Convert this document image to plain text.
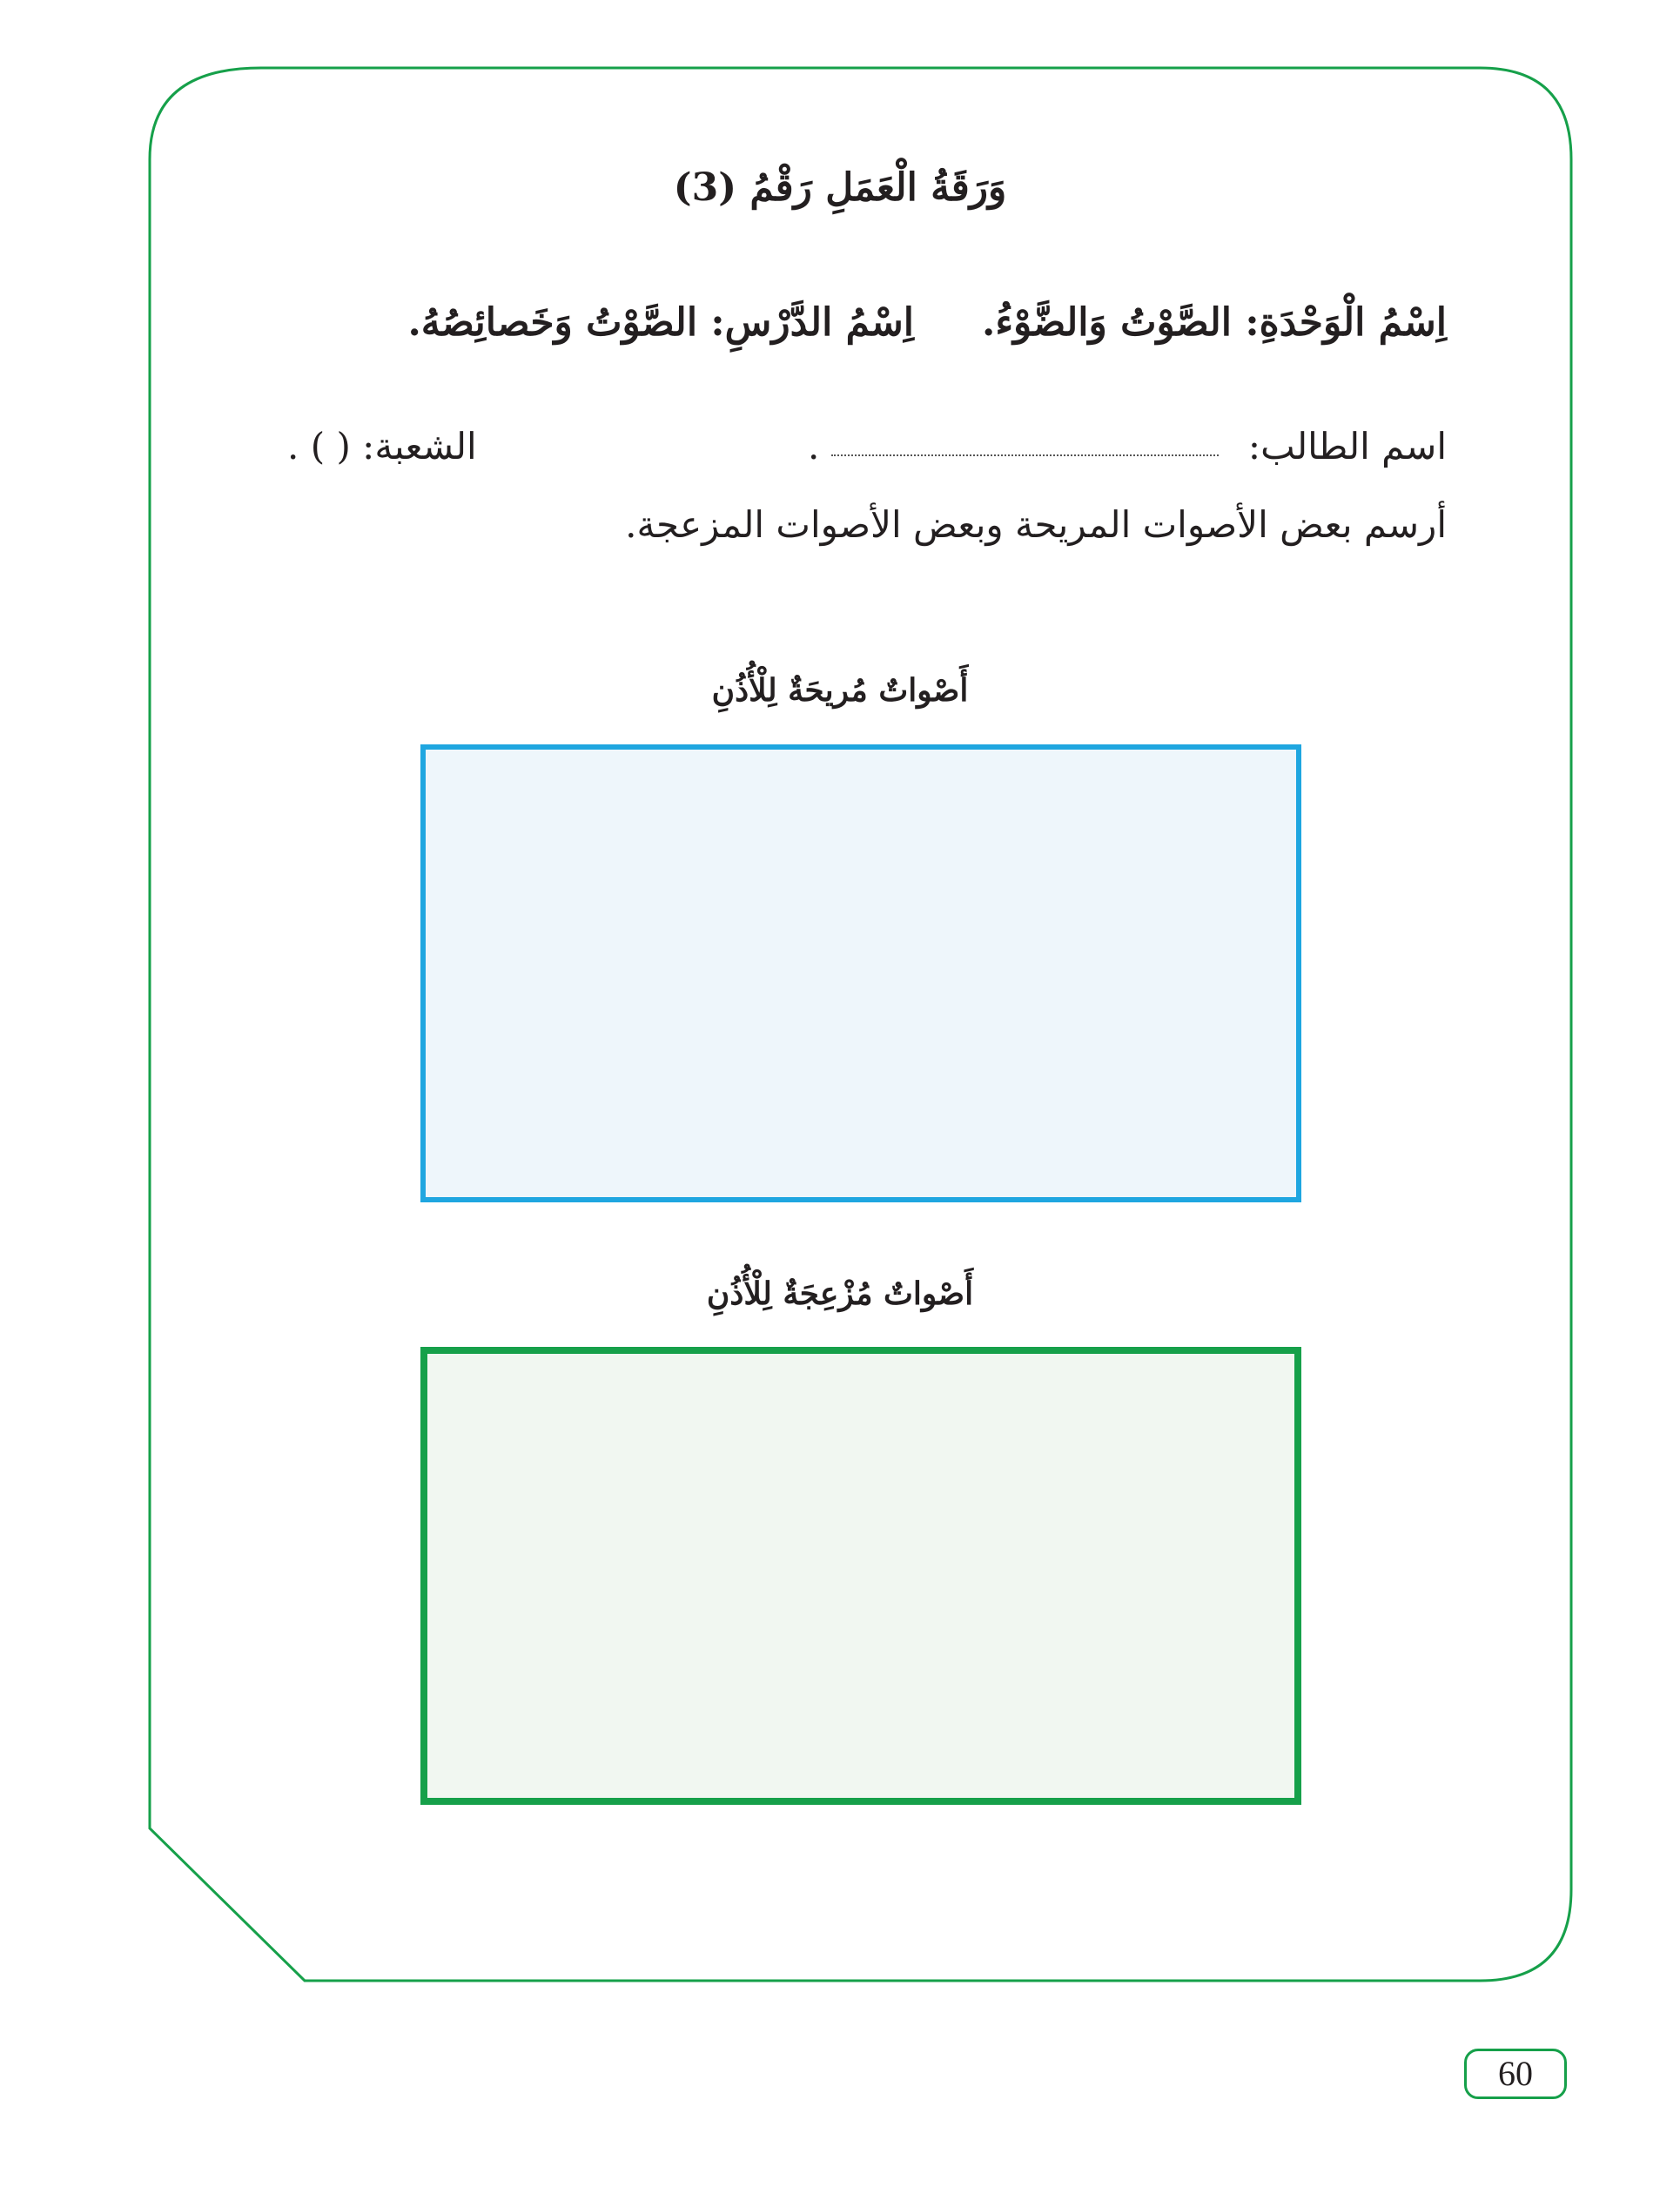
وَرَقَةُ الْعَمَلِ رَقْمُ (3)
اِسْمُ الْوَحْدَةِ: الصَّوْتُ وَالضَّوْءُ.
اِسْمُ الدَّرْسِ: الصَّوْتُ وَخَصائِصُهُ.
اسم الطالب:
.
الشعبة: ( ) .
أرسم بعض الأصوات المريحة وبعض الأصوات المزعجة.
أَصْواتٌ مُريحَةٌ لِلْأُذُنِ
أَصْواتٌ مُزْعِجَةٌ لِلْأُذُنِ
60
